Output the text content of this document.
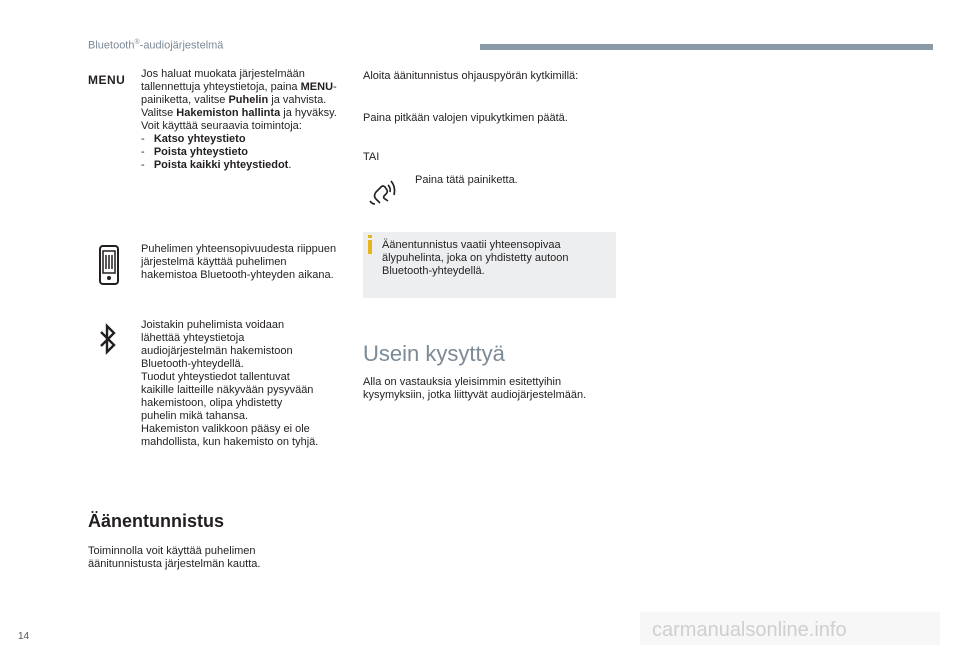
Bluetooth®-audiojärjestelmä
MENU Jos haluat muokata järjestelmään tallennettuja yhteystietoja, paina MENU-painiketta, valitse Puhelin ja vahvista.
Valitse Hakemiston hallinta ja hyväksy.
Voit käyttää seuraavia toimintoja:
- Katso yhteystieto
- Poista yhteystieto
- Poista kaikki yhteystiedot.
Puhelimen yhteensopivuudesta riippuen järjestelmä käyttää puhelimen hakemistoa Bluetooth-yhteyden aikana.
Joistakin puhelimista voidaan
lähettää yhteystietoja
audiojärjestelmän hakemistoon
Bluetooth-yhteydellä.
Tuodut yhteystiedot tallentuvat
kaikille laitteille näkyvään pysyvään
hakemistoon, olipa yhdistetty
puhelin mikä tahansa.
Hakemiston valikkoon pääsy ei ole
mahdollista, kun hakemisto on tyhjä.
Äänentunnistus
Toiminnolla voit käyttää puhelimen
äänitunnistusta järjestelmän kautta.
Aloita äänitunnistus ohjauspyörän kytkimillä:
Paina pitkään valojen vipukytkimen päätä.
TAI
Paina tätä painiketta.
Äänentunnistus vaatii yhteensopivaa
älypuhelinta, joka on yhdistetty autoon
Bluetooth-yhteydellä.
Usein kysyttyä
Alla on vastauksia yleisimmin esitettyihin
kysymyksiin, jotka liittyvät audiojärjestelmään.
14	carmanualsonline.info
